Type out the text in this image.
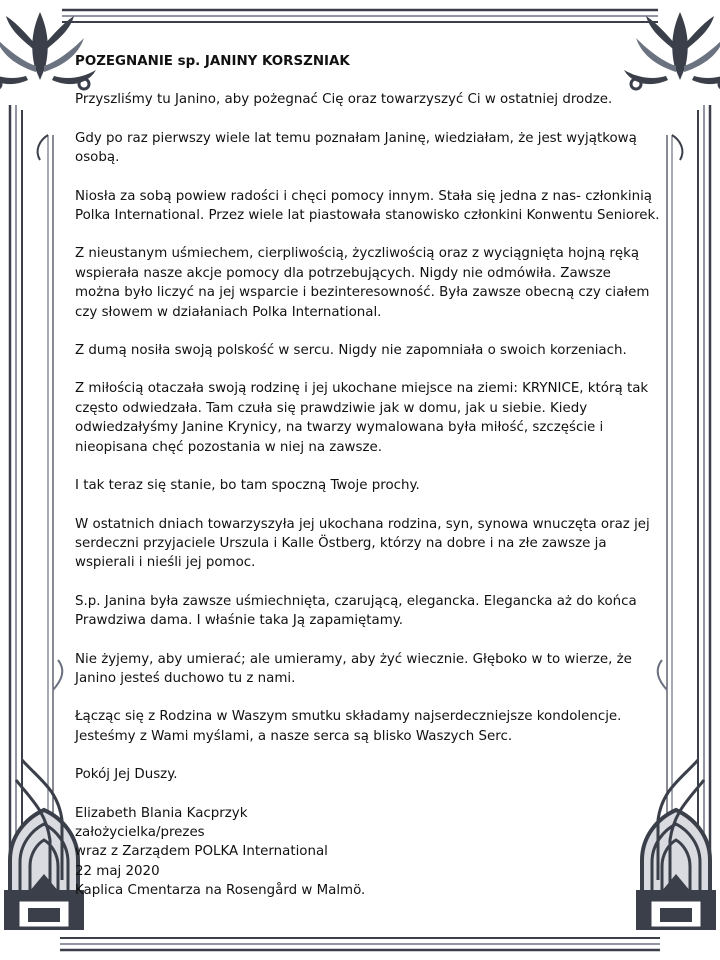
POZEGNANIE sp. JANINY KORSZNIAK

Przyszliśmy tu Janino, aby pożegnać Cię oraz towarzyszyć Ci w ostatniej drodze.

Gdy po raz pierwszy wiele lat temu poznałam Janinę, wiedziałam, że jest wyjątkową osobą.

Niosła za sobą powiew radości i chęci pomocy innym. Stała się jedna z nas- członkinią Polka International. Przez wiele lat piastowała stanowisko członkini Konwentu Seniorek.

Z nieustanym uśmiechem, cierpliwością, życzliwością oraz z wyciągnięta hojną ręką wspierała nasze akcje pomocy dla potrzebujących. Nigdy nie odmówiła. Zawsze można było liczyć na jej wsparcie i bezinteresowność. Była zawsze obecną czy ciałem czy słowem w działaniach Polka International.

Z dumą nosiła swoją polskość w sercu. Nigdy nie zapomniała o swoich korzeniach.

Z miłością otaczała swoją rodzinę i jej ukochane miejsce na ziemi: KRYNICE, którą tak często odwiedzała. Tam czuła się prawdziwie jak w domu, jak u siebie. Kiedy odwiedzałyśmy Janine Krynicy, na twarzy wymalowana była miłość, szczęście i nieopisana chęć pozostania w niej na zawsze.

I tak teraz się stanie, bo tam spoczną Twoje prochy.

W ostatnich dniach towarzyszyła jej ukochana rodzina, syn, synowa wnuczęta oraz jej serdeczni przyjaciele Urszula i Kalle Östberg, którzy na dobre i na złe zawsze ja wspierali i nieśli jej pomoc.

S.p. Janina była zawsze uśmiechnięta, czarującą, elegancka. Elegancka aż do końca Prawdziwa dama. I właśnie taka Ją zapamiętamy.

Nie żyjemy, aby umierać; ale umieramy, aby żyć wiecznie. Głęboko w to wierze, że Janino jesteś duchowo tu z nami.

Łącząc się z Rodzina w Waszym smutku składamy najserdeczniejsze kondolencje. Jesteśmy z Wami myślami, a nasze serca są blisko Waszych Serc.

Pokój Jej Duszy.

Elizabeth Blania Kacprzyk

założycielka/prezes

wraz z Zarządem POLKA International

22 maj 2020

Kaplica Cmentarza na Rosengård w Malmö.
